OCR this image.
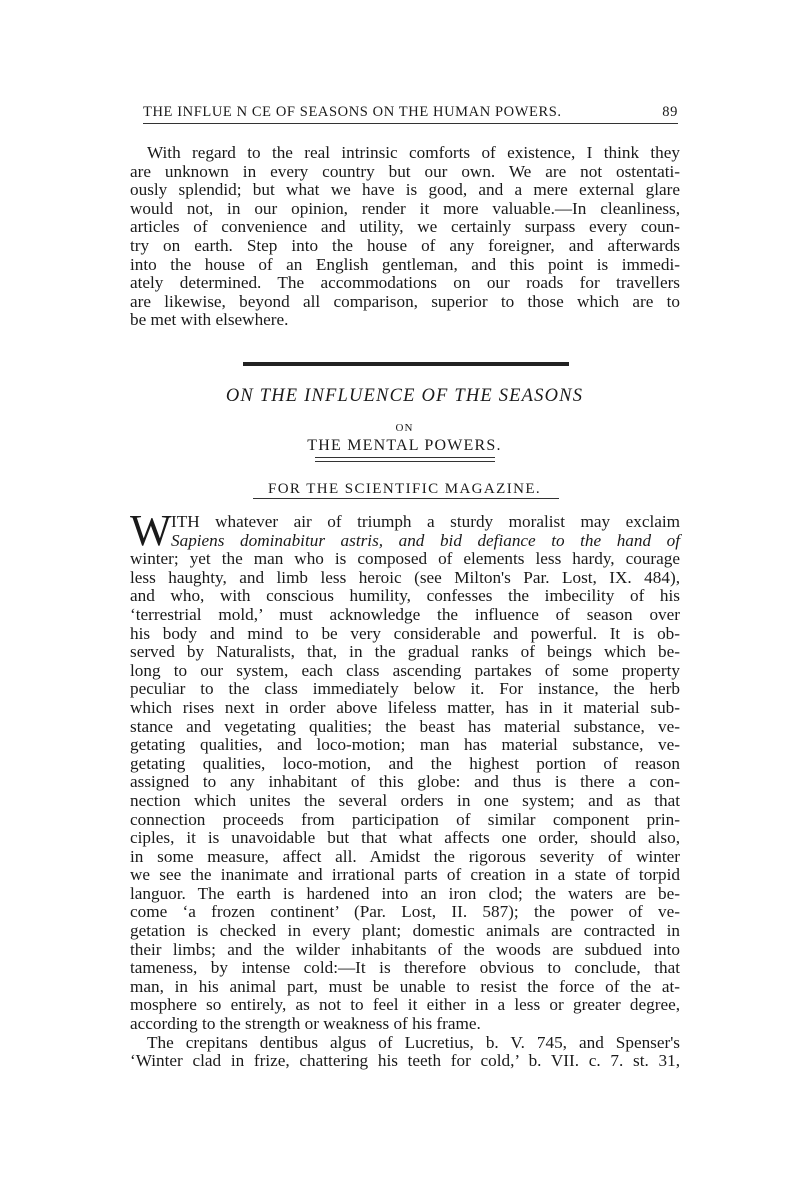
THE INFLUE N CE OF SEASONS ON THE HUMAN POWERS.	89
With regard to the real intrinsic comforts of existence, I think they
are unknown in every country but our own. We are not ostentati-
ously splendid; but what we have is good, and a mere external glare
would not, in our opinion, render it more valuable.—In cleanliness,
articles of convenience and utility, we certainly surpass every coun-
try on earth. Step into the house of any foreigner, and afterwards
into the house of an English gentleman, and this point is immedi-
ately determined. The accommodations on our roads for travellers
are likewise, beyond all comparison, superior to those which are to
be met with elsewhere.
ON THE INFLUENCE OF THE SEASONS
ON
THE MENTAL POWERS.
FOR THE SCIENTIFIC MAGAZINE.
W ITH whatever air of triumph a sturdy moralist may exclaim
Sapiens dominabitur astris, and bid defiance to the hand of
winter; yet the man who is composed of elements less hardy, courage
less haughty, and limb less heroic (see Milton's Par. Lost, IX. 484),
and who, with conscious humility, confesses the imbecility of his
‘terrestrial mold,’ must acknowledge the influence of season over
his body and mind to be very considerable and powerful. It is ob-
served by Naturalists, that, in the gradual ranks of beings which be-
long to our system, each class ascending partakes of some property
peculiar to the class immediately below it. For instance, the herb
which rises next in order above lifeless matter, has in it material sub-
stance and vegetating qualities; the beast has material substance, ve-
getating qualities, and loco-motion; man has material substance, ve-
getating qualities, loco-motion, and the highest portion of reason
assigned to any inhabitant of this globe: and thus is there a con-
nection which unites the several orders in one system; and as that
connection proceeds from participation of similar component prin-
ciples, it is unavoidable but that what affects one order, should also,
in some measure, affect all. Amidst the rigorous severity of winter
we see the inanimate and irrational parts of creation in a state of torpid
languor. The earth is hardened into an iron clod; the waters are be-
come ‘a frozen continent’ (Par. Lost, II. 587); the power of ve-
getation is checked in every plant; domestic animals are contracted in
their limbs; and the wilder inhabitants of the woods are subdued into
tameness, by intense cold:—It is therefore obvious to conclude, that
man, in his animal part, must be unable to resist the force of the at-
mosphere so entirely, as not to feel it either in a less or greater degree,
according to the strength or weakness of his frame.
The crepitans dentibus algus of Lucretius, b. V. 745, and Spenser's
‘Winter clad in frize, chattering his teeth for cold,’ b. VII. c. 7. st. 31,
